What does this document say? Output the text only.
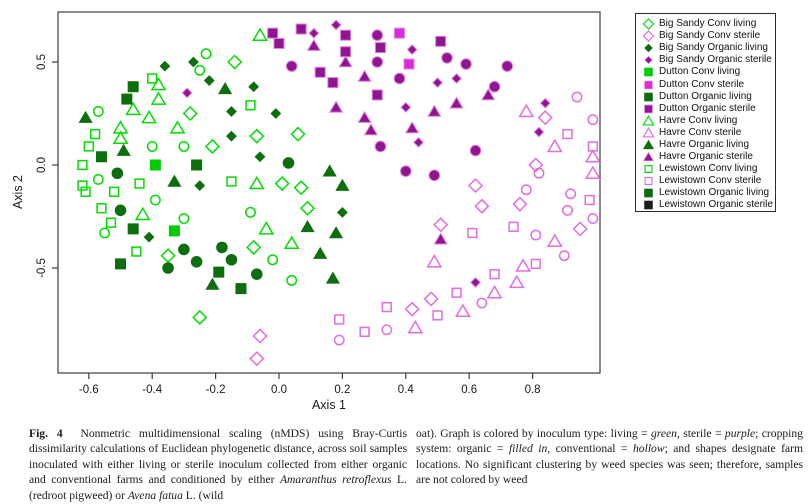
-0.6	-0.4	-0.2	0.0	0.2	0.4	0.6	0.8
-0.5
0.0
0.5
Axis 1
Axis 2
Big Sandy Conv living
Big Sandy Conv sterile
Big Sandy Organic living
Big Sandy Organic sterile
Dutton Conv living
Dutton Conv sterile
Dutton Organic living
Dutton Organic sterile
Havre Conv living
Havre Conv sterile
Havre Organic living
Havre Organic sterile
Lewistown Conv living
Lewistown Conv sterile
Lewistown Organic living
Lewistown Organic sterile
Fig. 4  Nonmetric multidimensional scaling (nMDS) using Bray-Curtis dissimilarity calculations of Euclidean phylogenetic distance, across soil samples inoculated with either living or sterile inoculum collected from either organic and conventional farms and conditioned by either Amaranthus retroflexus L. (redroot pigweed) or Avena fatua L. (wild
oat). Graph is colored by inoculum type: living = green, sterile = purple; cropping system: organic = filled in, conventional = hollow; and shapes designate farm locations. No significant clustering by weed species was seen; therefore, samples are not colored by weed
